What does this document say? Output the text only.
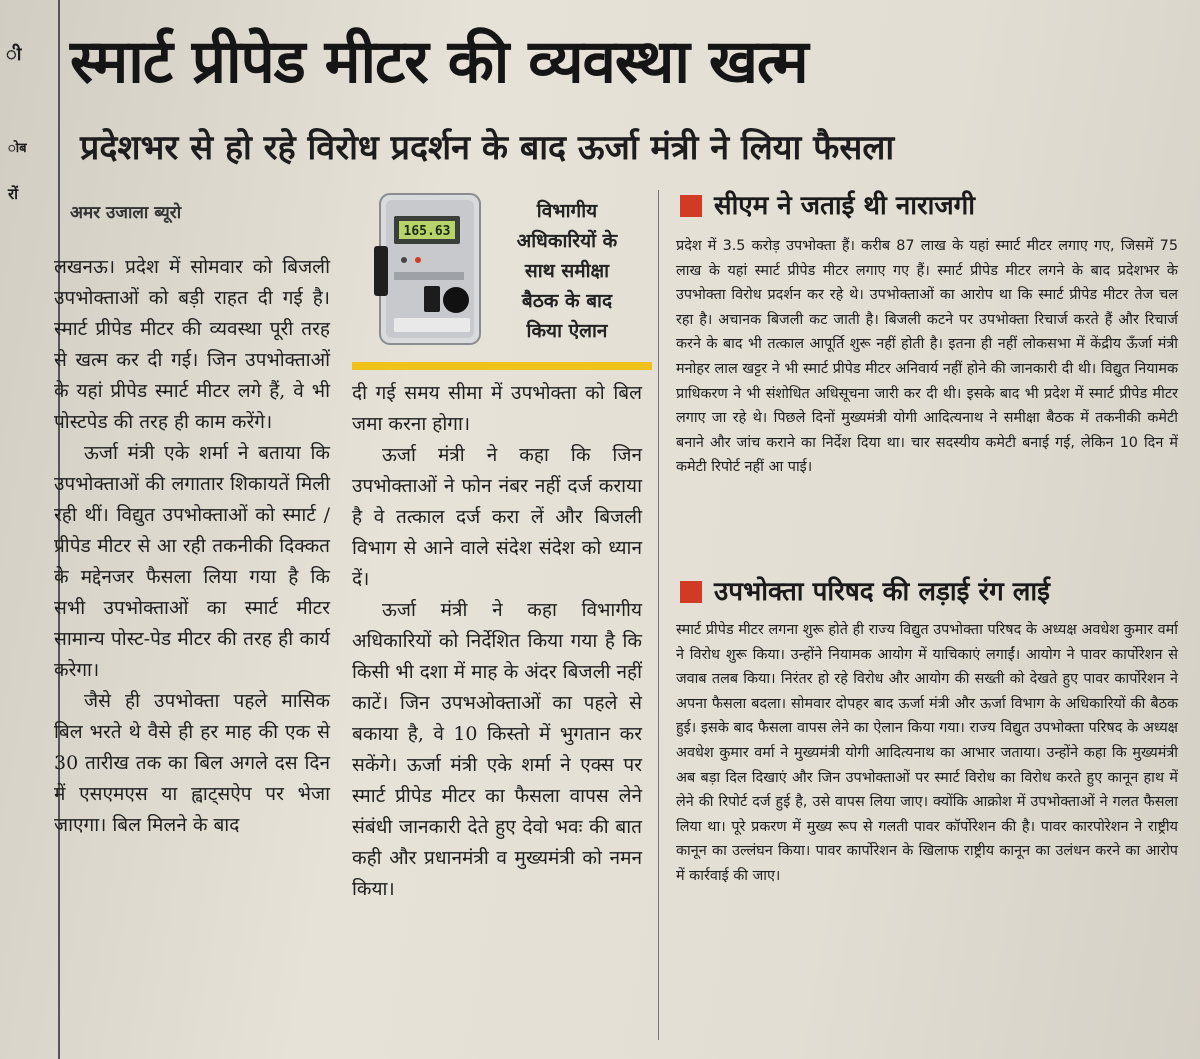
ी
ोब
रों
स्मार्ट प्रीपेड मीटर की व्यवस्था खत्म
प्रदेशभर से हो रहे विरोध प्रदर्शन के बाद ऊर्जा मंत्री ने लिया फैसला
अमर उजाला ब्यूरो

लखनऊ। प्रदेश में सोमवार को बिजली उपभोक्ताओं को बड़ी राहत दी गई है। स्मार्ट प्रीपेड मीटर की व्यवस्था पूरी तरह से खत्म कर दी गई। जिन उपभोक्ताओं के यहां प्रीपेड स्मार्ट मीटर लगे हैं, वे भी पोस्टपेड की तरह ही काम करेंगे।

ऊर्जा मंत्री एके शर्मा ने बताया कि उपभोक्ताओं की लगातार शिकायतें मिली रही थीं। विद्युत उपभोक्ताओं को स्मार्ट / प्रीपेड मीटर से आ रही तकनीकी दिक्कत के मद्देनजर फैसला लिया गया है कि सभी उपभोक्ताओं का स्मार्ट मीटर सामान्य पोस्ट-पेड मीटर की तरह ही कार्य करेगा।

जैसे ही उपभोक्ता पहले मासिक बिल भरते थे वैसे ही हर माह की एक से 30 तारीख तक का बिल अगले दस दिन में एसएमएस या ह्वाट्सऐप पर भेजा जाएगा। बिल मिलने के बाद

165.63
विभागीय
अधिकारियों के
साथ समीक्षा
बैठक के बाद
किया ऐलान

दी गई समय सीमा में उपभोक्ता को बिल जमा करना होगा।

ऊर्जा मंत्री ने कहा कि जिन उपभोक्ताओं ने फोन नंबर नहीं दर्ज कराया है वे तत्काल दर्ज करा लें और बिजली विभाग से आने वाले संदेश संदेश को ध्यान दें।

ऊर्जा मंत्री ने कहा विभागीय अधिकारियों को निर्देशित किया गया है कि किसी भी दशा में माह के अंदर बिजली नहीं काटें। जिन उपभओक्ताओं का पहले से बकाया है, वे 10 किस्तो में भुगतान कर सकेंगे। ऊर्जा मंत्री एके शर्मा ने एक्स पर स्मार्ट प्रीपेड मीटर का फैसला वापस लेने संबंधी जानकारी देते हुए देवो भवः की बात कही और प्रधानमंत्री व मुख्यमंत्री को नमन किया।

सीएम ने जताई थी नाराजगी

प्रदेश में 3.5 करोड़ उपभोक्ता हैं। करीब 87 लाख के यहां स्मार्ट मीटर लगाए गए, जिसमें 75 लाख के यहां स्मार्ट प्रीपेड मीटर लगाए गए हैं। स्मार्ट प्रीपेड मीटर लगने के बाद प्रदेशभर के उपभोक्ता विरोध प्रदर्शन कर रहे थे। उपभोक्ताओं का आरोप था कि स्मार्ट प्रीपेड मीटर तेज चल रहा है। अचानक बिजली कट जाती है। बिजली कटने पर उपभोक्ता रिचार्ज करते हैं और रिचार्ज करने के बाद भी तत्काल आपूर्ति शुरू नहीं होती है। इतना ही नहीं लोकसभा में केंद्रीय ऊँर्जा मंत्री मनोहर लाल खट्टर ने भी स्मार्ट प्रीपेड मीटर अनिवार्य नहीं होने की जानकारी दी थी। विद्युत नियामक प्राधिकरण ने भी संशोधित अधिसूचना जारी कर दी थी। इसके बाद भी प्रदेश में स्मार्ट प्रीपेड मीटर लगाए जा रहे थे। पिछले दिनों मुख्यमंत्री योगी आदित्यनाथ ने समीक्षा बैठक में तकनीकी कमेटी बनाने और जांच कराने का निर्देश दिया था। चार सदस्यीय कमेटी बनाई गई, लेकिन 10 दिन में कमेटी रिपोर्ट नहीं आ पाई।

उपभोक्ता परिषद की लड़ाई रंग लाई

स्मार्ट प्रीपेड मीटर लगना शुरू होते ही राज्य विद्युत उपभोक्ता परिषद के अध्यक्ष अवधेश कुमार वर्मा ने विरोध शुरू किया। उन्होंने नियामक आयोग में याचिकाएं लगाईं। आयोग ने पावर कार्पोरेशन से जवाब तलब किया। निरंतर हो रहे विरोध और आयोग की सख्ती को देखते हुए पावर कार्पोरेशन ने अपना फैसला बदला। सोमवार दोपहर बाद ऊर्जा मंत्री और ऊर्जा विभाग के अधिकारियों की बैठक हुई। इसके बाद फैसला वापस लेने का ऐलान किया गया। राज्य विद्युत उपभोक्ता परिषद के अध्यक्ष अवधेश कुमार वर्मा ने मुख्यमंत्री योगी आदित्यनाथ का आभार जताया। उन्होंने कहा कि मुख्यमंत्री अब बड़ा दिल दिखाएं और जिन उपभोक्ताओं पर स्मार्ट विरोध का विरोध करते हुए कानून हाथ में लेने की रिपोर्ट दर्ज हुई है, उसे वापस लिया जाए। क्योंकि आक्रोश में उपभोक्ताओं ने गलत फैसला लिया था। पूरे प्रकरण में मुख्य रूप से गलती पावर कॉर्पोरेशन की है। पावर कारपोरेशन ने राष्ट्रीय कानून का उल्लंघन किया। पावर कार्पोरेशन के खिलाफ राष्ट्रीय कानून का उलंधन करने का आरोप में कार्रवाई की जाए।
